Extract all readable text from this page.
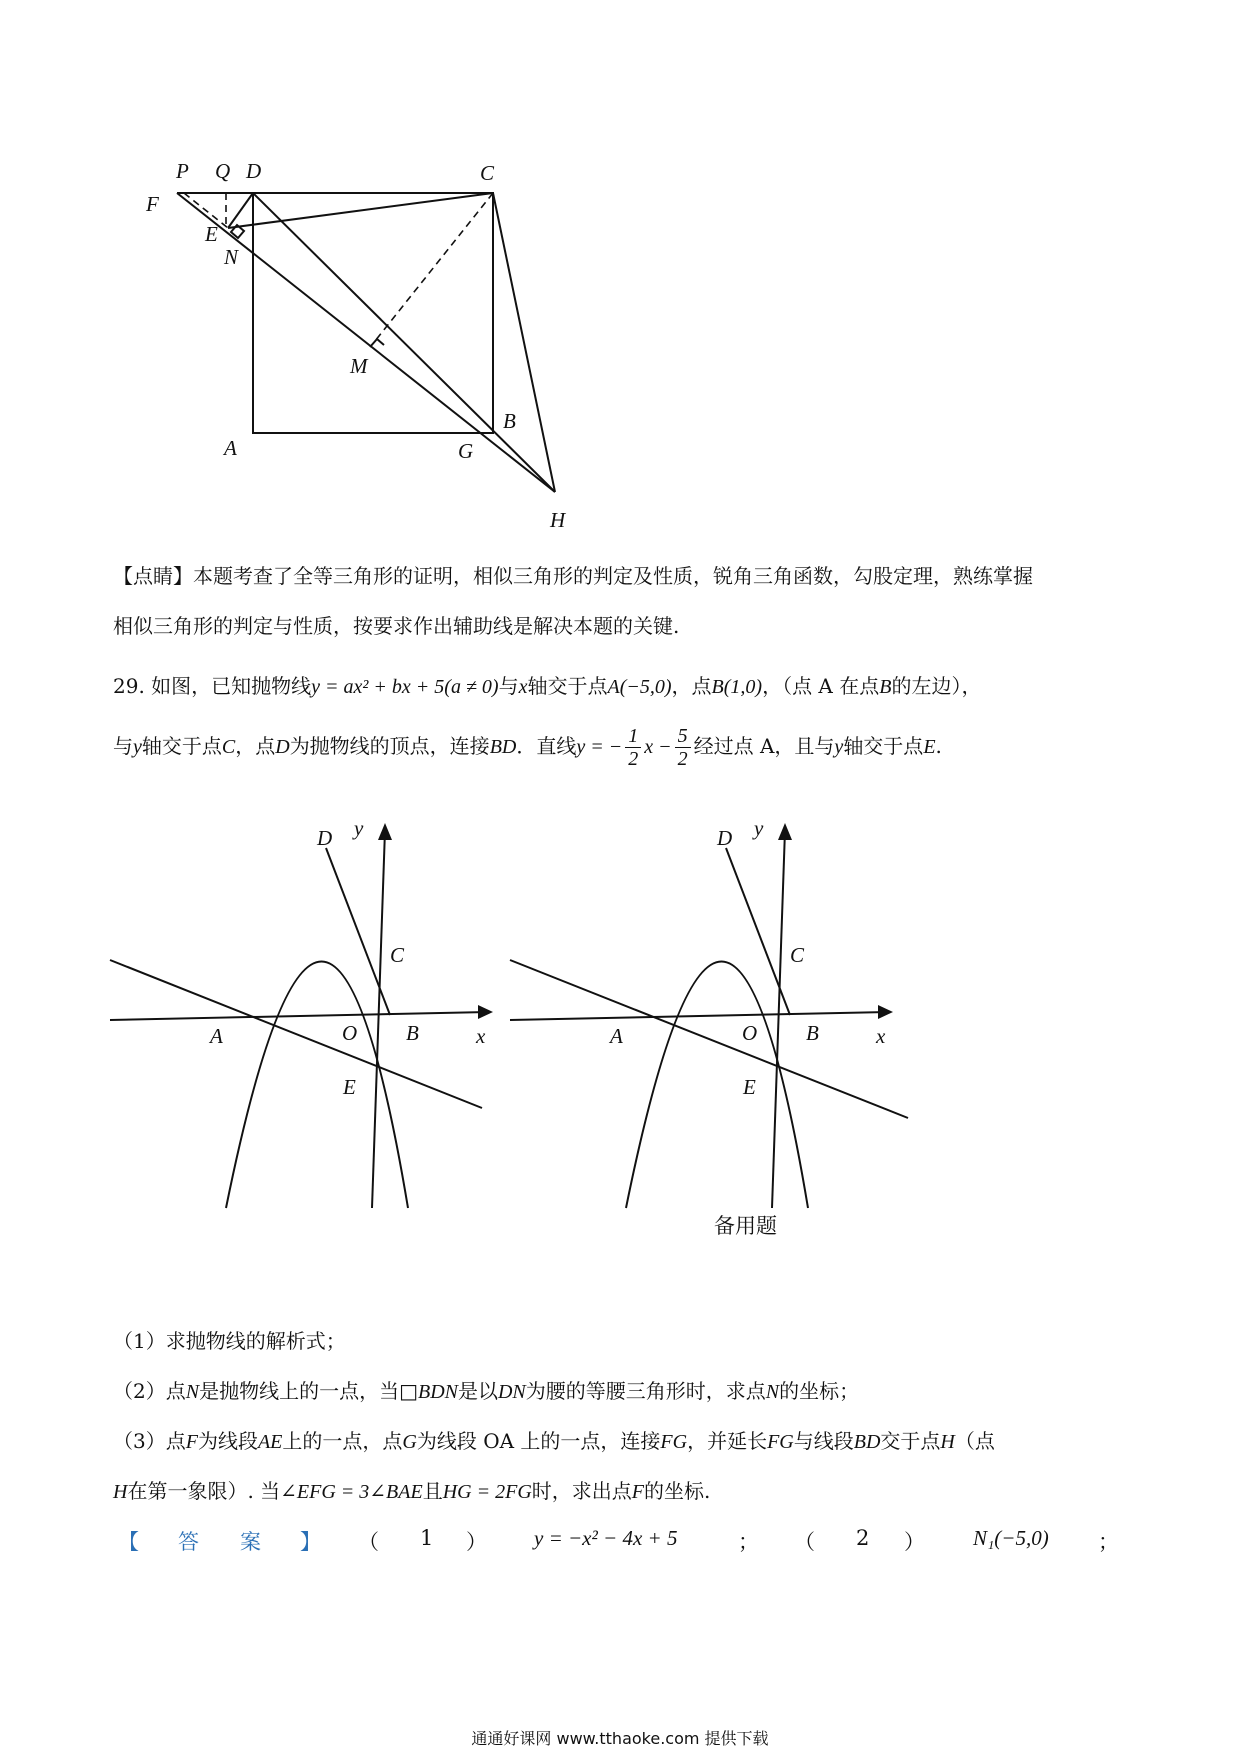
P Q D	C
F
E
N
M
A
B
G
H
【点睛】本题考查了全等三角形的证明，相似三角形的判定及性质，锐角三角函数，勾股定理，熟练掌握
相似三角形的判定与性质，按要求作出辅助线是解决本题的关键.
29. 如图，已知抛物线y = ax² + bx + 5(a ≠ 0)与x轴交于点A(−5,0)，点B(1,0)，（点 A 在点B的左边），
与y轴交于点C，点D为抛物线的顶点，连接BD．直线y = − $\frac{1}{2}$ $x - \frac{5}{2}$ 经过点 A，且与y轴交于点E.
D y
C
A	O B	x
E
D y
C
A	O B	x
E
备用题
（1）求抛物线的解析式；
（2）点N是抛物线上的一点，当□BDN是以DN为腰的等腰三角形时，求点N的坐标；
（3）点F为线段AE上的一点，点G为线段 OA 上的一点，连接FG，并延长FG与线段BD交于点H（点
H在第一象限）. 当∠EFG = 3∠BAE且HG = 2FG时，求出点F的坐标.
【 答 案 】 （ 1 ） y = −x² − 4x + 5	； （ 2 ） N₁(−5,0) ；
通通好课网 www.tthaoke.com 提供下载
